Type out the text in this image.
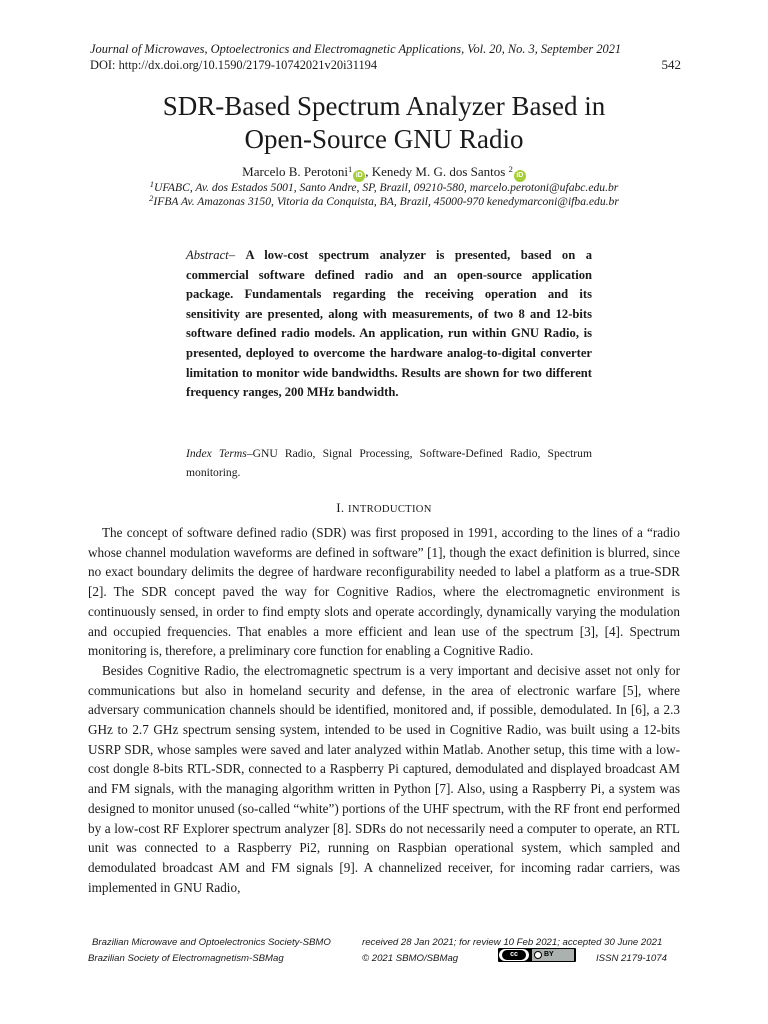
Journal of Microwaves, Optoelectronics and Electromagnetic Applications, Vol. 20, No. 3, September 2021
DOI: http://dx.doi.org/10.1590/2179-10742021v20i31194	542
SDR-Based Spectrum Analyzer Based in
Open-Source GNU Radio
Marcelo B. Perotoni$^1$iD , Kenedy M. G. dos Santos $^2$iD
$^1$UFABC, Av. dos Estados 5001, Santo Andre, SP, Brazil, 09210-580, marcelo.perotoni@ufabc.edu.br
$^2$IFBA Av. Amazonas 3150, Vitoria da Conquista, BA, Brazil, 45000-970 kenedymarconi@ifba.edu.br
Abstract– A low-cost spectrum analyzer is presented, based on a commercial software defined radio and an open-source application package. Fundamentals regarding the receiving operation and its sensitivity are presented, along with measurements, of two 8 and 12-bits software defined radio models. An application, run within GNU Radio, is presented, deployed to overcome the hardware analog-to-digital converter limitation to monitor wide bandwidths. Results are shown for two different frequency ranges, 200 MHz bandwidth.
Index Terms–GNU Radio, Signal Processing, Software-Defined Radio, Spectrum monitoring.
I. INTRODUCTION

The concept of software defined radio (SDR) was first proposed in 1991, according to the lines of a “radio whose channel modulation waveforms are defined in software” [1], though the exact definition is blurred, since no exact boundary delimits the degree of hardware reconfigurability needed to label a platform as a true-SDR [2]. The SDR concept paved the way for Cognitive Radios, where the electromagnetic environment is continuously sensed, in order to find empty slots and operate accordingly, dynamically varying the modulation and occupied frequencies. That enables a more efficient and lean use of the spectrum [3], [4]. Spectrum monitoring is, therefore, a preliminary core function for enabling a Cognitive Radio.

Besides Cognitive Radio, the electromagnetic spectrum is a very important and decisive asset not only for communications but also in homeland security and defense, in the area of electronic warfare [5], where adversary communication channels should be identified, monitored and, if possible, demodulated. In [6], a 2.3 GHz to 2.7 GHz spectrum sensing system, intended to be used in Cognitive Radio, was built using a 12-bits USRP SDR, whose samples were saved and later analyzed within Matlab. Another setup, this time with a low-cost dongle 8-bits RTL-SDR, connected to a Raspberry Pi captured, demodulated and displayed broadcast AM and FM signals, with the managing algorithm written in Python [7]. Also, using a Raspberry Pi, a system was designed to monitor unused (so-called “white”) portions of the UHF spectrum, with the RF front end performed by a low-cost RF Explorer spectrum analyzer [8]. SDRs do not necessarily need a computer to operate, an RTL unit was connected to a Raspberry Pi2, running on Raspbian operational system, which sampled and demodulated broadcast AM and FM signals [9]. A channelized receiver, for incoming radar carriers, was implemented in GNU Radio,

Brazilian Microwave and Optoelectronics Society-SBMO	received 28 Jan 2021; for review 10 Feb 2021; accepted 30 June 2021
Brazilian Society of Electromagnetism-SBMag	© 2021 SBMO/SBMag	cc	BY	ISSN 2179-1074
